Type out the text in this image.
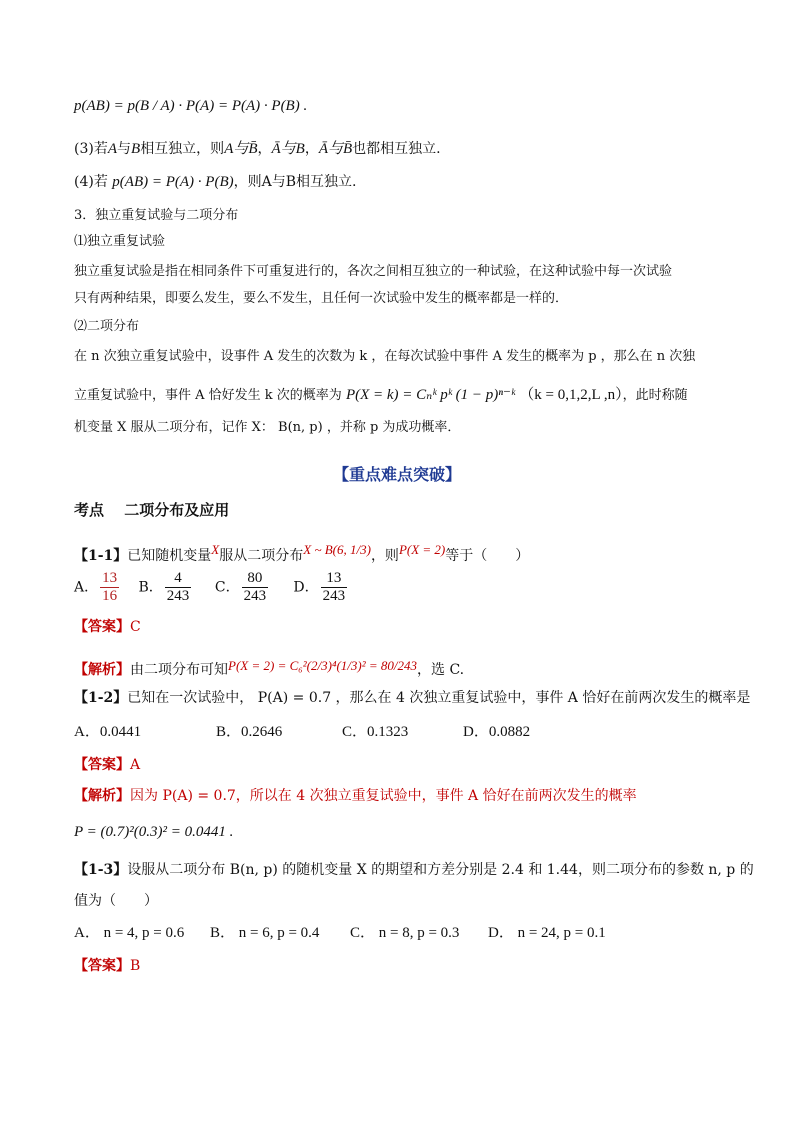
p(AB) = p(B / A) · P(A) = P(A) · P(B) .
(3)若A与B相互独立，则A与B̄，Ā与B，Ā与B̄也都相互独立.
(4)若 p(AB) = P(A) · P(B)，则A与B相互独立.
3．独立重复试验与二项分布
⑴独立重复试验
独立重复试验是指在相同条件下可重复进行的，各次之间相互独立的一种试验，在这种试验中每一次试验
只有两种结果，即要么发生，要么不发生，且任何一次试验中发生的概率都是一样的．
⑵二项分布
在 n 次独立重复试验中，设事件 A 发生的次数为 k ，在每次试验中事件 A 发生的概率为 p ，那么在 n 次独
立重复试验中，事件 A 恰好发生 k 次的概率为 P(X = k) = Cₙᵏ pᵏ (1 − p)ⁿ⁻ᵏ （k = 0,1,2,L ,n），此时称随
机变量 X 服从二项分布，记作 X： B(n, p) ，并称 p 为成功概率．
【重点难点突破】
考点　 二项分布及应用
【1-1】已知随机变量X服从二项分布X ~ B(6, 1/3)，则P(X = 2)等于（　　）
A． $\frac{13}{16}$ B． $\frac{4}{243}$ C． $\frac{80}{243}$ D． $\frac{13}{243}$
【答案】C
【解析】由二项分布可知P(X = 2) = C₆²(2/3)⁴(1/3)² = 80/243，选 C.
【1-2】已知在一次试验中， P(A) = 0.7 ，那么在 4 次独立重复试验中，事件 A 恰好在前两次发生的概率是
A．0.0441	B．0.2646	C．0.1323	D．0.0882
【答案】A
【解析】因为 P(A) = 0.7，所以在 4 次独立重复试验中，事件 A 恰好在前两次发生的概率
P = (0.7)²(0.3)² = 0.0441 .
【1-3】设服从二项分布 B(n, p) 的随机变量 X 的期望和方差分别是 2.4 和 1.44，则二项分布的参数 n, p 的
值为（　　）
A． n = 4, p = 0.6 B． n = 6, p = 0.4 C． n = 8, p = 0.3 D． n = 24, p = 0.1
【答案】B
